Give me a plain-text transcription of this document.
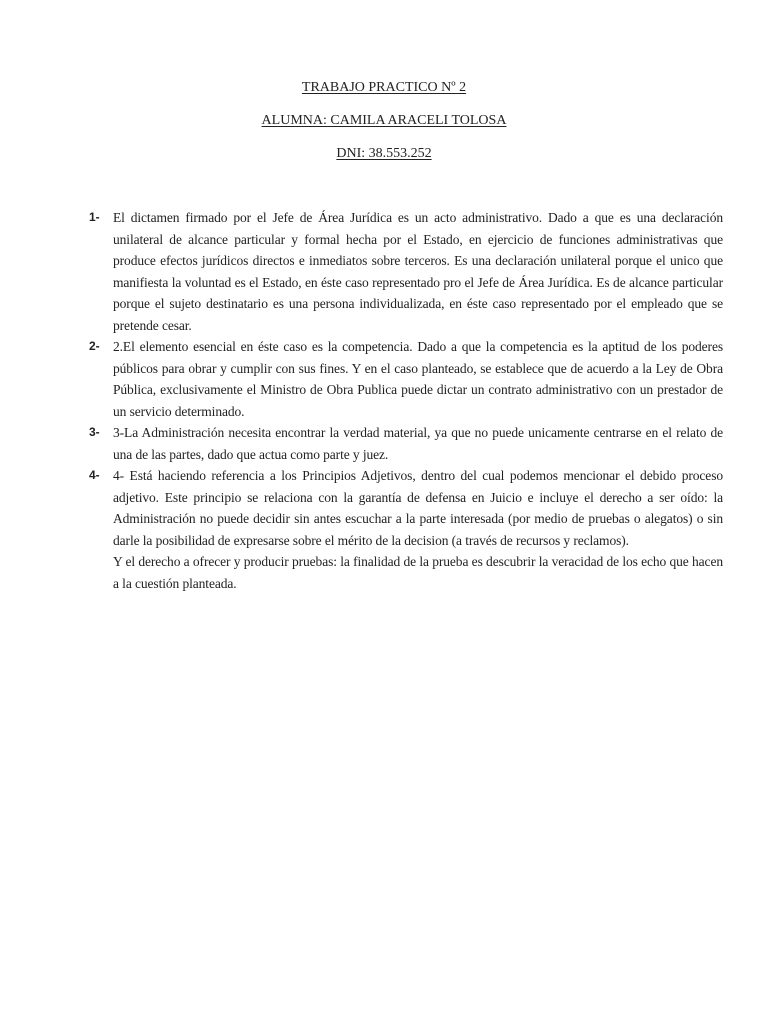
TRABAJO PRACTICO Nº 2
ALUMNA: CAMILA ARACELI TOLOSA
DNI: 38.553.252
1- El dictamen firmado por el Jefe de Área Jurídica es un acto administrativo. Dado a que es una declaración unilateral de alcance particular y formal hecha por el Estado, en ejercicio de funciones administrativas que produce efectos jurídicos directos e inmediatos sobre terceros. Es una declaración unilateral porque el unico que manifiesta la voluntad es el Estado, en éste caso representado pro el Jefe de Área Jurídica. Es de alcance particular porque el sujeto destinatario es una persona individualizada, en éste caso representado por el empleado que se pretende cesar.

2- 2.El elemento esencial en éste caso es la competencia. Dado a que la competencia es la aptitud de los poderes públicos para obrar y cumplir con sus fines. Y en el caso planteado, se establece que de acuerdo a la Ley de Obra Pública, exclusivamente el Ministro de Obra Publica puede dictar un contrato administrativo con un prestador de un servicio determinado.

3- 3-La Administración necesita encontrar la verdad material, ya que no puede unicamente centrarse en el relato de una de las partes, dado que actua como parte y juez.

4- 4- Está haciendo referencia a los Principios Adjetivos, dentro del cual podemos mencionar el debido proceso adjetivo. Este principio se relaciona con la garantía de defensa en Juicio e incluye el derecho a ser oído: la Administración no puede decidir sin antes escuchar a la parte interesada (por medio de pruebas o alegatos) o sin darle la posibilidad de expresarse sobre el mérito de la decision (a través de recursos y reclamos).

Y el derecho a ofrecer y producir pruebas: la finalidad de la prueba es descubrir la veracidad de los echo que hacen a la cuestión planteada.
